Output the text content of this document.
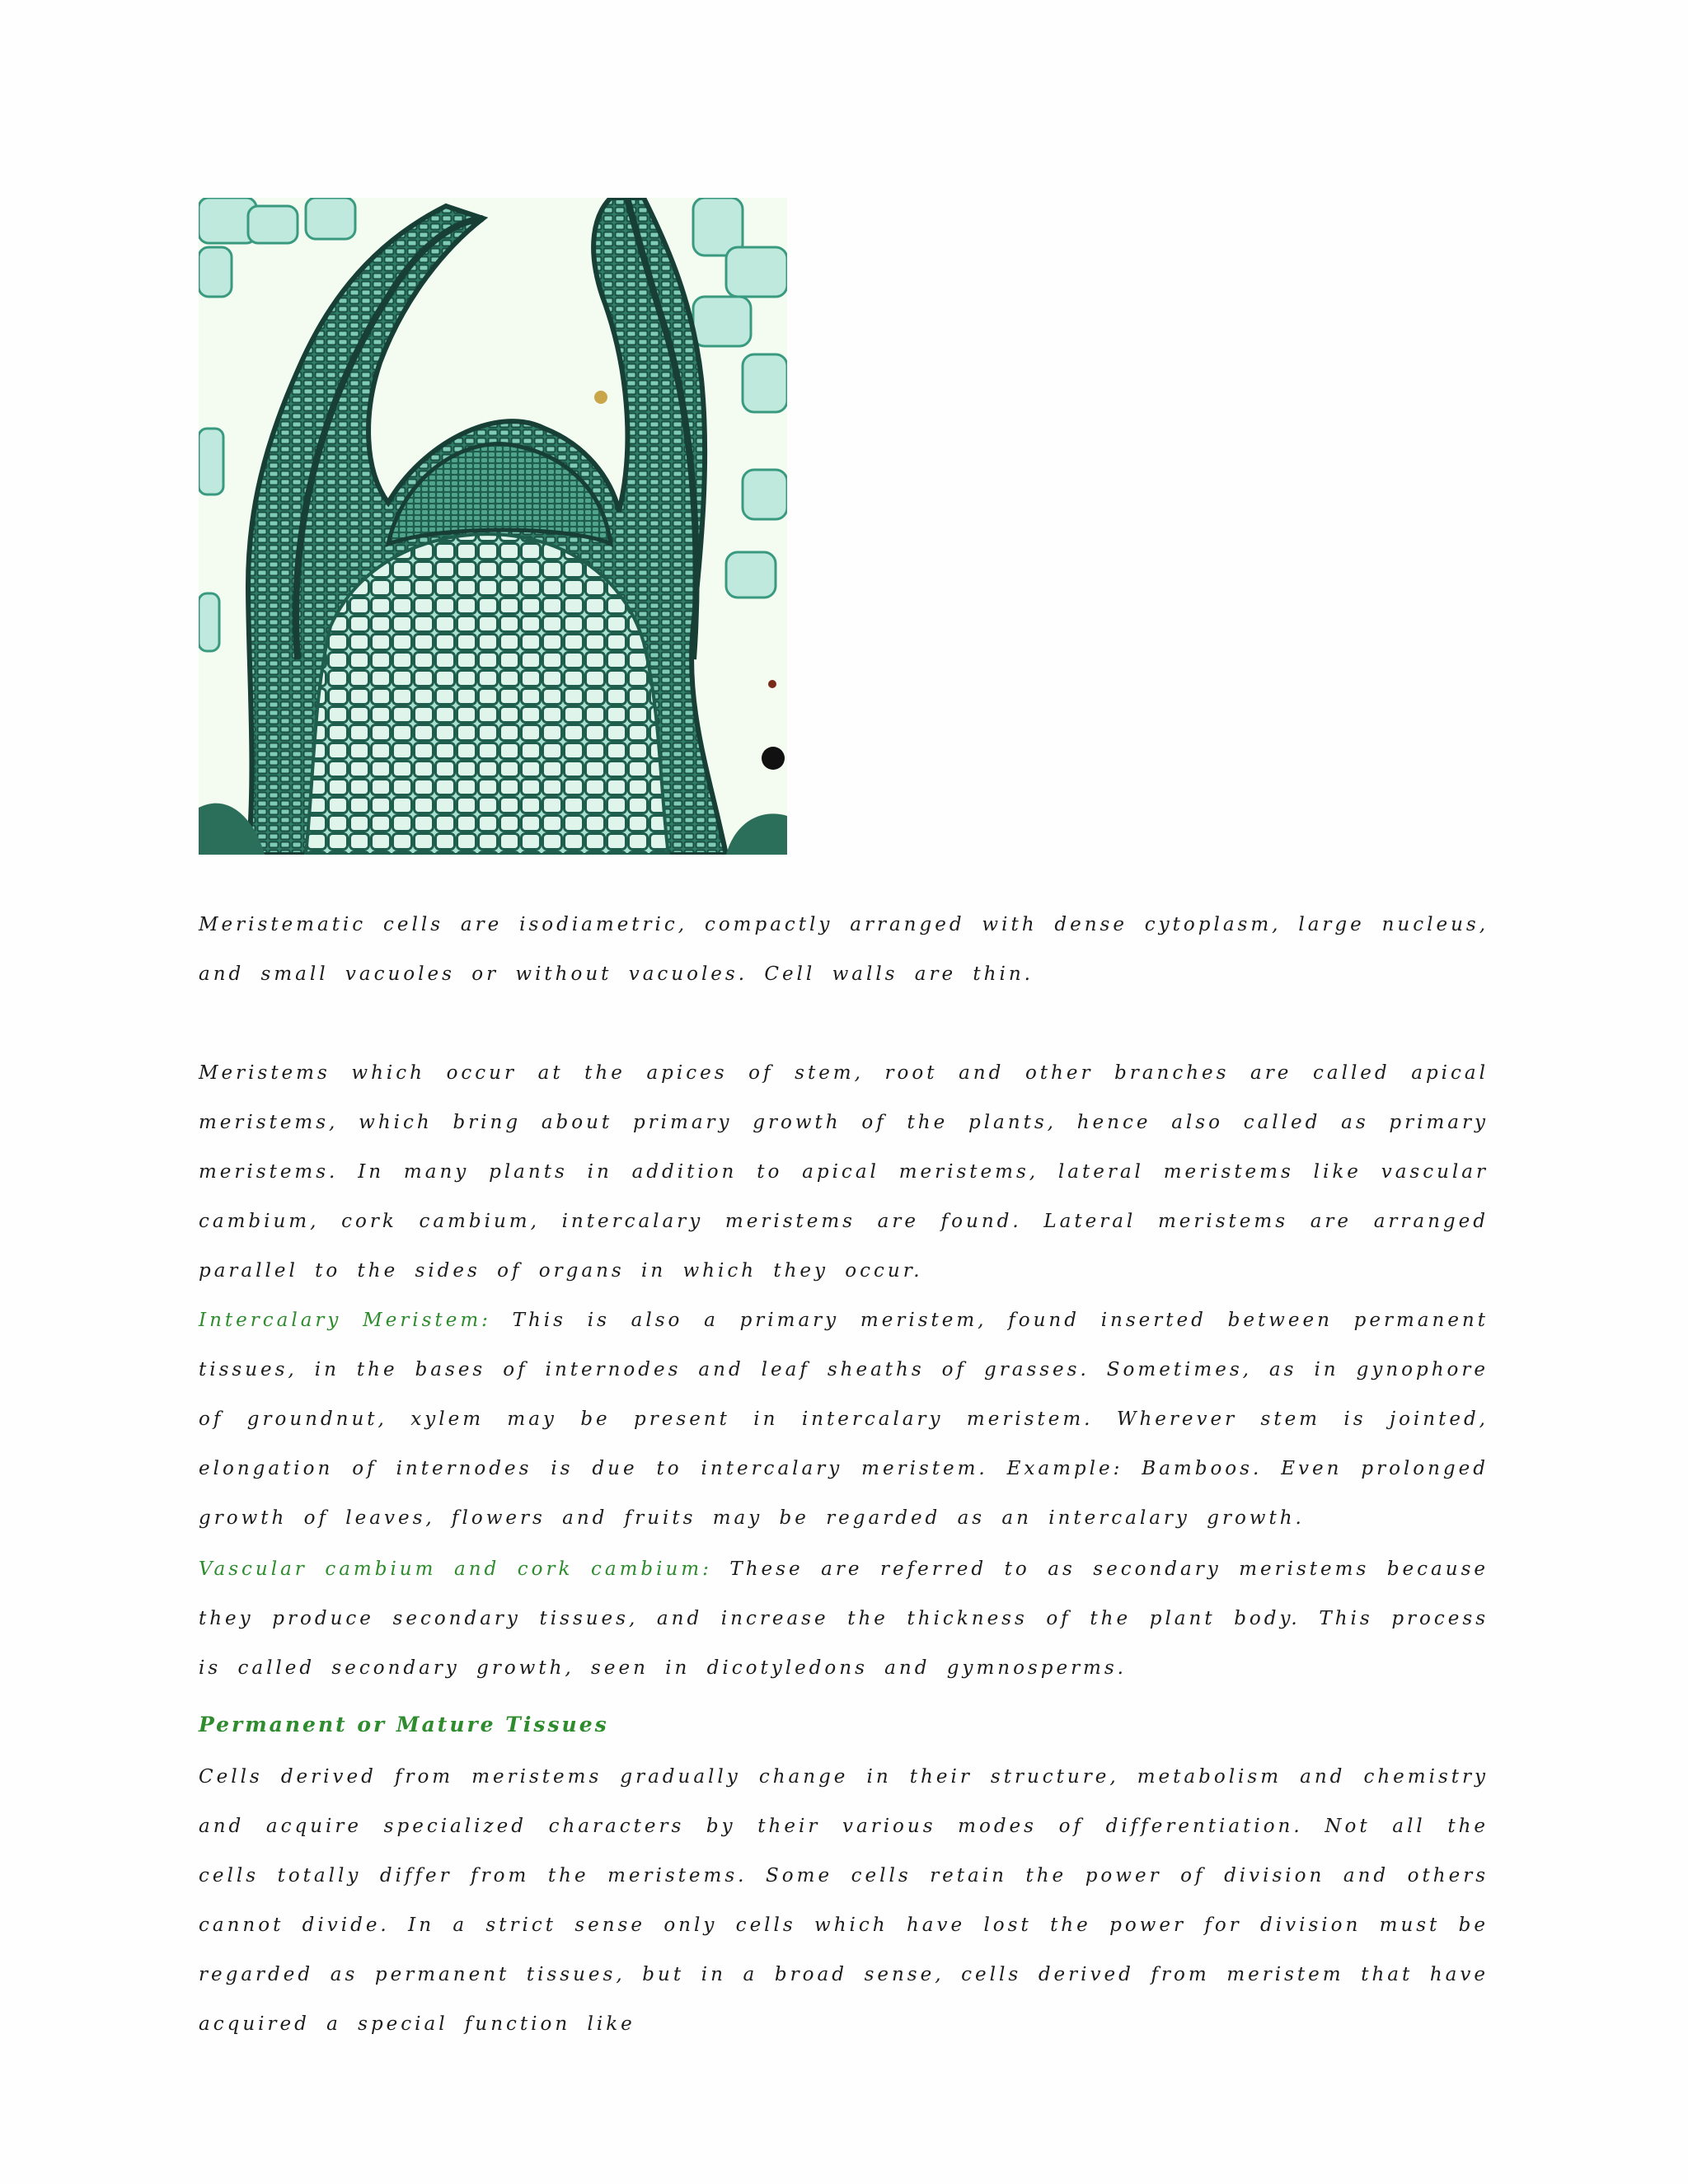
Meristematic cells are isodiametric, compactly arranged with dense cytoplasm, large nucleus, and small vacuoles or without vacuoles. Cell walls are thin.

Meristems which occur at the apices of stem, root and other branches are called apical meristems, which bring about primary growth of the plants, hence also called as primary meristems. In many plants in addition to apical meristems, lateral meristems like vascular cambium, cork cambium, intercalary meristems are found. Lateral meristems are arranged parallel to the sides of organs in which they occur.

Intercalary Meristem: This is also a primary meristem, found inserted between permanent tissues, in the bases of internodes and leaf sheaths of grasses. Sometimes, as in gynophore of groundnut, xylem may be present in intercalary meristem. Wherever stem is jointed, elongation of internodes is due to intercalary meristem. Example: Bamboos. Even prolonged growth of leaves, flowers and fruits may be regarded as an intercalary growth.

Vascular cambium and cork cambium: These are referred to as secondary meristems because they produce secondary tissues, and increase the thickness of the plant body. This process is called secondary growth, seen in dicotyledons and gymnosperms.

Permanent or Mature Tissues

Cells derived from meristems gradually change in their structure, metabolism and chemistry and acquire specialized characters by their various modes of differentiation. Not all the cells totally differ from the meristems. Some cells retain the power of division and others cannot divide. In a strict sense only cells which have lost the power for division must be regarded as permanent tissues, but in a broad sense, cells derived from meristem that have acquired a special function like
